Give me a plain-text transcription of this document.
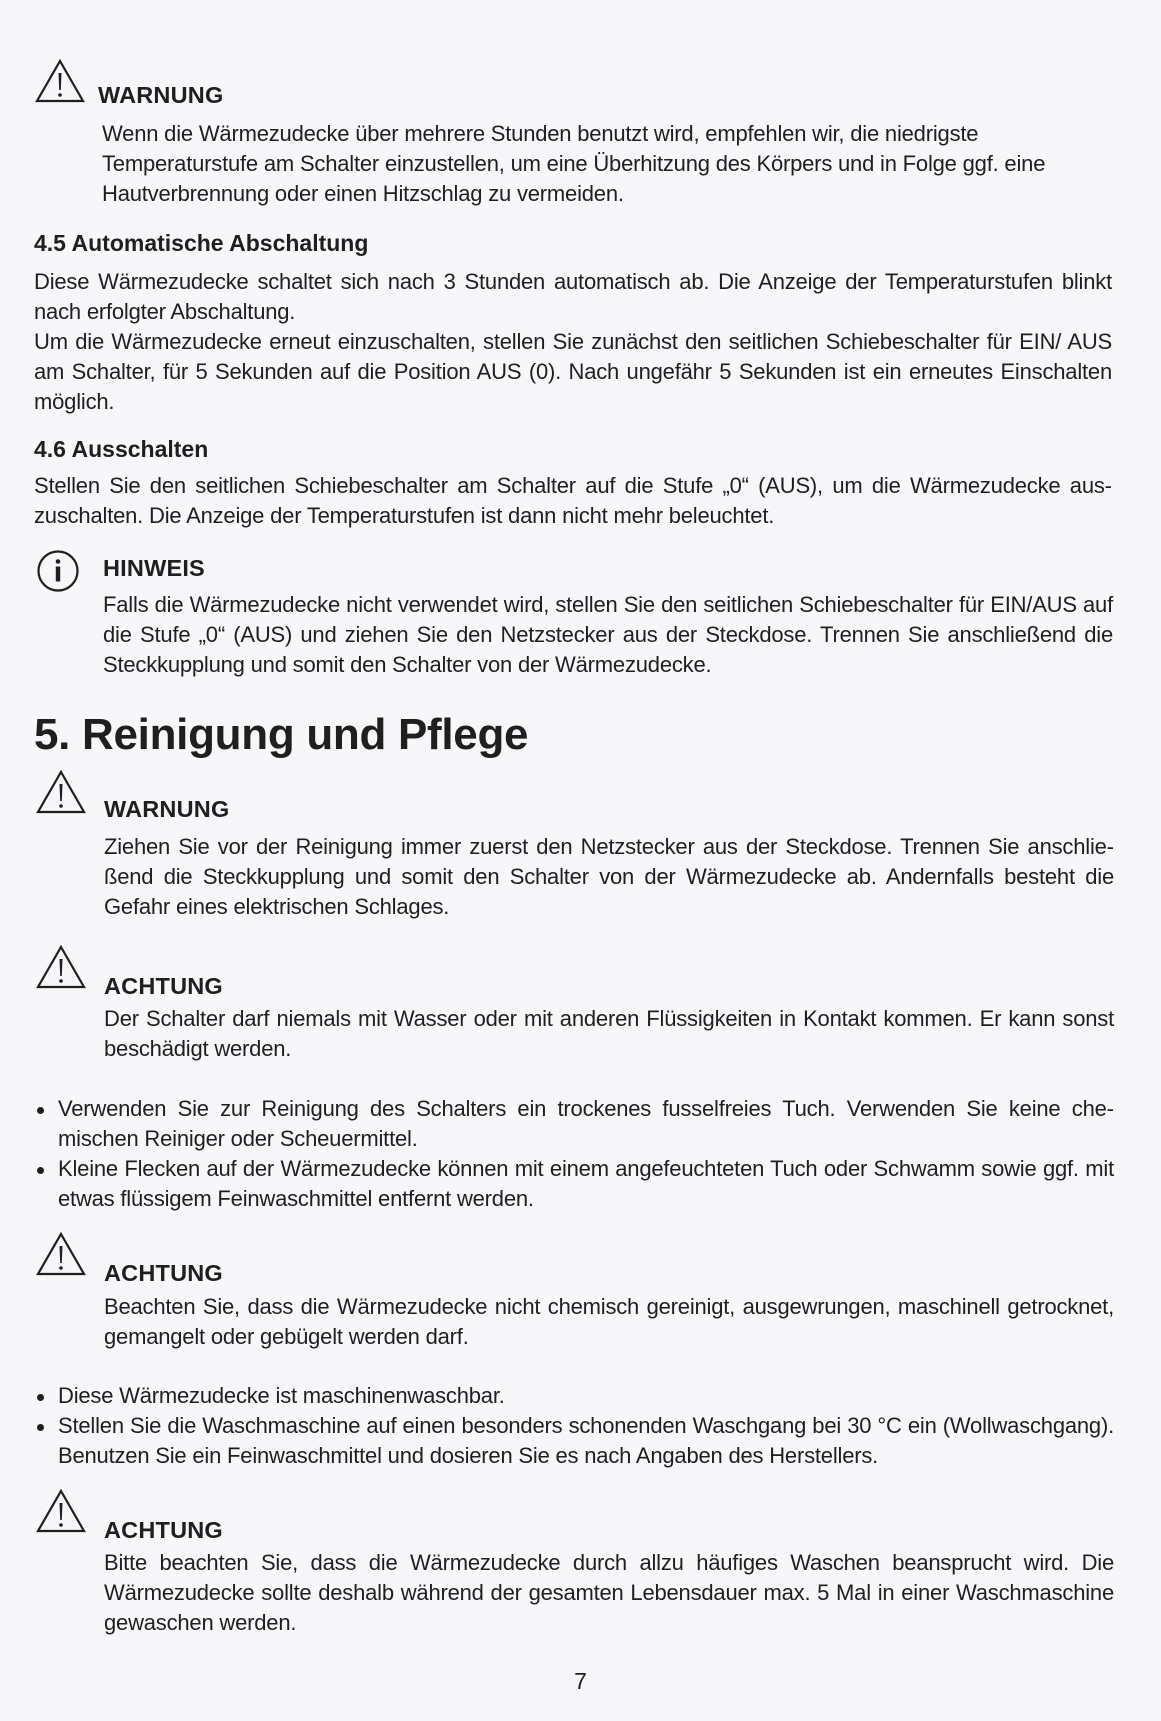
WARNUNG

Wenn die Wärmezudecke über mehrere Stunden benutzt wird, empfehlen wir, die niedrigste Temperaturstufe am Schalter einzustellen, um eine Überhitzung des Körpers und in Folge ggf. eine Hautverbrennung oder einen Hitzschlag zu vermeiden.

4.5 Automatische Abschaltung

Diese Wärmezudecke schaltet sich nach 3 Stunden automatisch ab. Die Anzeige der Temperaturstufen blinkt nach erfolgter Abschaltung.

Um die Wärmezudecke erneut einzuschalten, stellen Sie zunächst den seitlichen Schiebeschalter für EIN/ AUS am Schalter, für 5 Sekunden auf die Position AUS (0). Nach ungefähr 5 Sekunden ist ein erneutes Einschalten möglich.

4.6 Ausschalten

Stellen Sie den seitlichen Schiebeschalter am Schalter auf die Stufe „0“ (AUS), um die Wärmezudecke auszuschalten. Die Anzeige der Temperaturstufen ist dann nicht mehr beleuchtet.

HINWEIS

Falls die Wärmezudecke nicht verwendet wird, stellen Sie den seitlichen Schiebeschalter für EIN/AUS auf die Stufe „0“ (AUS) und ziehen Sie den Netzstecker aus der Steckdose. Trennen Sie anschließend die Steckkupplung und somit den Schalter von der Wärmezudecke.

5. Reinigung und Pflege
WARNUNG

Ziehen Sie vor der Reinigung immer zuerst den Netzstecker aus der Steckdose. Trennen Sie anschließend die Steckkupplung und somit den Schalter von der Wärmezudecke ab. Andernfalls besteht die Gefahr eines elektrischen Schlages.

ACHTUNG

Der Schalter darf niemals mit Wasser oder mit anderen Flüssigkeiten in Kontakt kommen. Er kann sonst beschädigt werden.

Verwenden Sie zur Reinigung des Schalters ein trockenes fusselfreies Tuch. Verwenden Sie keine chemischen Reiniger oder Scheuermittel.
Kleine Flecken auf der Wärmezudecke können mit einem angefeuchteten Tuch oder Schwamm sowie ggf. mit etwas flüssigem Feinwaschmittel entfernt werden.
ACHTUNG

Beachten Sie, dass die Wärmezudecke nicht chemisch gereinigt, ausgewrungen, maschinell getrocknet, gemangelt oder gebügelt werden darf.

Diese Wärmezudecke ist maschinenwaschbar.
Stellen Sie die Waschmaschine auf einen besonders schonenden Waschgang bei 30 °C ein (Wollwaschgang). Benutzen Sie ein Feinwaschmittel und dosieren Sie es nach Angaben des Herstellers.
ACHTUNG

Bitte beachten Sie, dass die Wärmezudecke durch allzu häufiges Waschen beansprucht wird. Die Wärmezudecke sollte deshalb während der gesamten Lebensdauer max. 5 Mal in einer Waschmaschine gewaschen werden.

7
